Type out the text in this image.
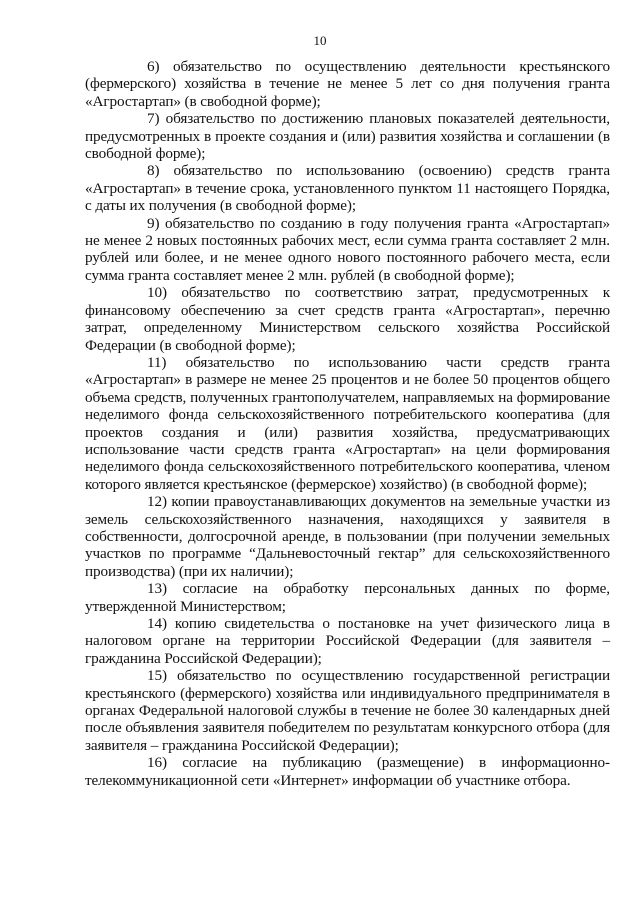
10

6) обязательство по осуществлению деятельности крестьянского (фермерского) хозяйства в течение не менее 5 лет со дня получения гранта «Агростартап» (в свободной форме);

7) обязательство по достижению плановых показателей деятельности, предусмотренных в проекте создания и (или) развития хозяйства и соглашении (в свободной форме);

8) обязательство по использованию (освоению) средств гранта «Агростартап» в течение срока, установленного пунктом 11 настоящего Порядка, с даты их получения (в свободной форме);

9) обязательство по созданию в году получения гранта «Агростартап» не менее 2 новых постоянных рабочих мест, если сумма гранта составляет 2 млн. рублей или более, и не менее одного нового постоянного рабочего места, если сумма гранта составляет менее 2 млн. рублей (в свободной форме);

10) обязательство по соответствию затрат, предусмотренных к финансовому обеспечению за счет средств гранта «Агростартап», перечню затрат, определенному Министерством сельского хозяйства Российской Федерации (в свободной форме);

11) обязательство по использованию части средств гранта «Агростартап» в размере не менее 25 процентов и не более 50 процентов общего объема средств, полученных грантополучателем, направляемых на формирование неделимого фонда сельскохозяйственного потребительского кооператива (для проектов создания и (или) развития хозяйства, предусматривающих использование части средств гранта «Агростартап» на цели формирования неделимого фонда сельскохозяйственного потребительского кооператива, членом которого является крестьянское (фермерское) хозяйство) (в свободной форме);

12) копии правоустанавливающих документов на земельные участки из земель сельскохозяйственного назначения, находящихся у заявителя в собственности, долгосрочной аренде, в пользовании (при получении земельных участков по программе “Дальневосточный гектар” для сельскохозяйственного производства) (при их наличии);

13) согласие на обработку персональных данных по форме, утвержденной Министерством;

14) копию свидетельства о постановке на учет физического лица в налоговом органе на территории Российской Федерации (для заявителя – гражданина Российской Федерации);

15) обязательство по осуществлению государственной регистрации крестьянского (фермерского) хозяйства или индивидуального предпринимателя в органах Федеральной налоговой службы в течение не более 30 календарных дней после объявления заявителя победителем по результатам конкурсного отбора (для заявителя – гражданина Российской Федерации);

16) согласие на публикацию (размещение) в информационно-телекоммуникационной сети «Интернет» информации об участнике отбора.
